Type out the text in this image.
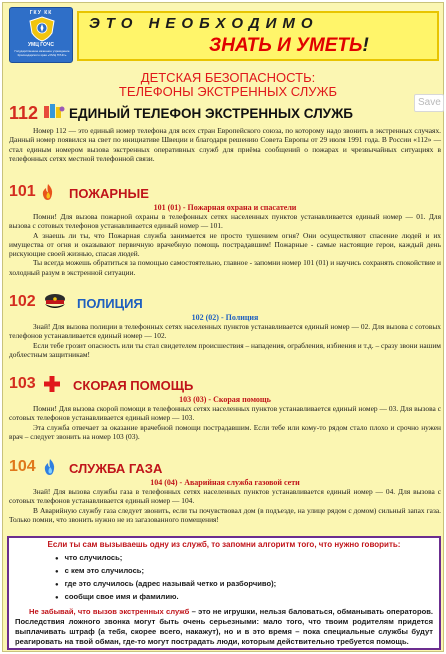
ГКУ КК
УМЦ ГОЧС
Государственное казенное учреждение Краснодарского края «УМЦ ГОЧС»
ЭТО НЕОБХОДИМО
ЗНАТЬ И УМЕТЬ!
ДЕТСКАЯ БЕЗОПАСНОСТЬ:
ТЕЛЕФОНЫ ЭКСТРЕННЫХ СЛУЖБ
112 ЕДИНЫЙ ТЕЛЕФОН ЭКСТРЕННЫХ СЛУЖБ

Номер 112 — это единый номер телефона для всех стран Европейского союза, по которому надо звонить в экстренных случаях. Данный номер появился на свет по инициативе Швеции и благодаря решению Совета Европы от 29 июля 1991 года. В России «112» — стал единым номером вызова экстренных оперативных служб для приёма сообщений о пожарах и чрезвычайных ситуациях в телефонных сетях местной телефонной связи.

101	ПОЖАРНЫЕ
101 (01) - Пожарная охрана и спасатели

Помни! Для вызова пожарной охраны в телефонных сетях населенных пунктов устанавливается единый номер — 01. Для вызова с сотовых телефонов устанавливается единый номер — 101.

А знаешь ли ты, что Пожарная служба занимается не просто тушением огня? Они осуществляют спасение людей и их имущества от огня и оказывают первичную врачебную помощь пострадавшим! Пожарные - самые настоящие герои, каждый день рискующие своей жизнью, спасая людей.

Ты всегда можешь обратиться за помощью самостоятельно, главное - запомни номер 101 (01) и научись сохранять спокойствие и холодный разум в экстренной ситуации.

102	ПОЛИЦИЯ
102 (02) - Полиция

Знай! Для вызова полиции в телефонных сетях населенных пунктов устанавливается единый номер — 02. Для вызова с сотовых телефонов устанавливается единый номер — 102.

Если тебе грозит опасность или ты стал свидетелем происшествия – нападения, ограбления, избиения и т.д. – сразу звони нашим доблестным защитникам!

103	СКОРАЯ ПОМОЩЬ
103 (03) - Скорая помощь

Помни! Для вызова скорой помощи в телефонных сетях населенных пунктов устанавливается единый номер — 03. Для вызова с сотовых телефонов устанавливается единый номер — 103.

Эта служба отвечает за оказание врачебной помощи пострадавшим. Если тебе или кому-то рядом стало плохо и срочно нужен врач – следует звонить на номер 103 (03).

104	СЛУЖБА ГАЗА
104 (04) - Аварийная служба газовой сети

Знай! Для вызова службы газа в телефонных сетях населенных пунктов устанавливается единый номер — 04. Для вызова с сотовых телефонов устанавливается единый номер — 104.

В Аварийную службу газа следует звонить, если ты почувствовал дом (в подъезде, на улице рядом с домом) сильный запах газа. Только помни, что звонить нужно не из загазованного помещения!

Если ты сам вызываешь одну из служб, то запомни алгоритм того, что нужно говорить:
● что случилось;
● с кем это случилось;
● где это случилось (адрес называй четко и разборчиво);
● сообщи свое имя и фамилию.

Не забывай, что вызов экстренных служб – это не игрушки, нельзя баловаться, обманывать операторов. Последствия ложного звонка могут быть очень серьезными: мало того, что твоим родителям придется выплачивать штраф (а тебя, скорее всего, накажут), но и в это время – пока специальные службы будут реагировать на твой обман, где-то могут пострадать люди, которым действительно требуется помощь.

Save
